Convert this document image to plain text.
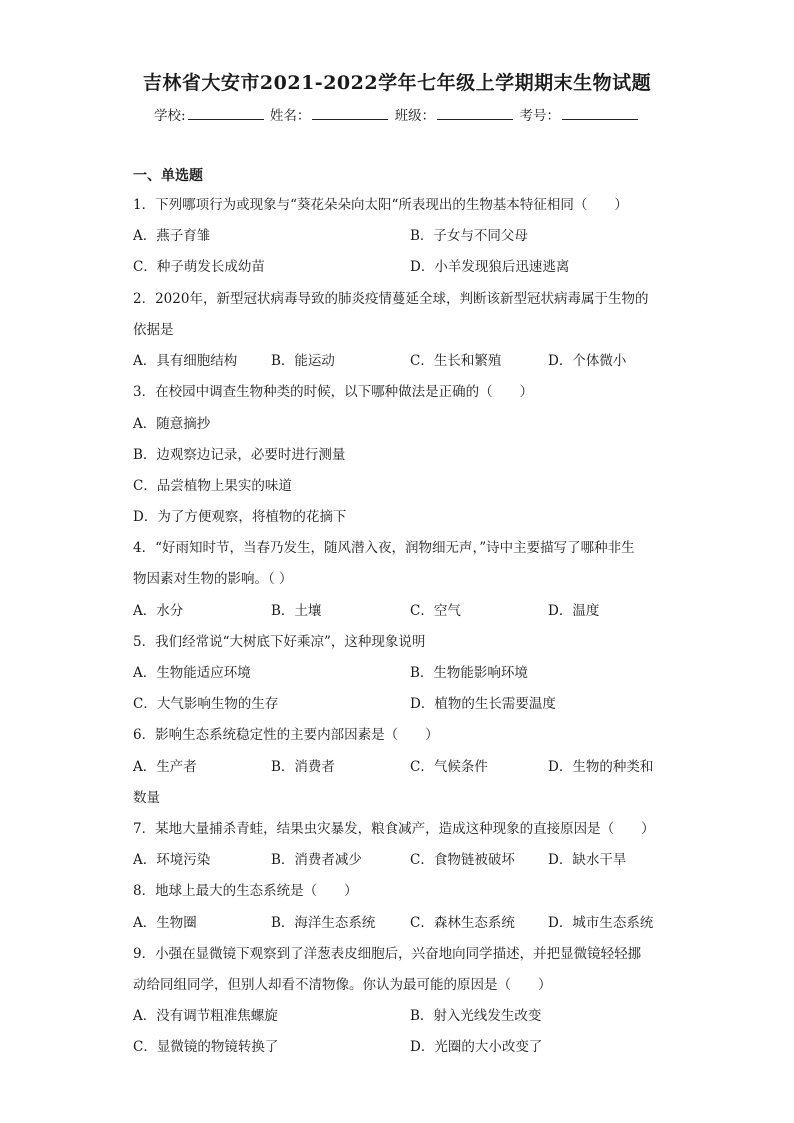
吉林省大安市2021-2022学年七年级上学期期末生物试题
学校:	姓名：	班级：	考号：
一、单选题
1．下列哪项行为或现象与“葵花朵朵向太阳“所表现出的生物基本特征相同（　　）
A．燕子育雏	B．子女与不同父母
C．种子萌发长成幼苗	D．小羊发现狼后迅速逃离
2．2020年，新型冠状病毒导致的肺炎疫情蔓延全球，判断该新型冠状病毒属于生物的
依据是
A．具有细胞结构	B．能运动	C．生长和繁殖	D．个体微小
3．在校园中调查生物种类的时候，以下哪种做法是正确的（　　）
A．随意摘抄
B．边观察边记录，必要时进行测量
C．品尝植物上果实的味道
D．为了方便观察，将植物的花摘下
4．“好雨知时节，当春乃发生，随风潜入夜，润物细无声，”诗中主要描写了哪种非生
物因素对生物的影响。（ ）
A．水分	B．土壤	C．空气	D．温度
5．我们经常说“大树底下好乘凉”，这种现象说明
A．生物能适应环境	B．生物能影响环境
C．大气影响生物的生存	D．植物的生长需要温度
6．影响生态系统稳定性的主要内部因素是（　　）
A．生产者	B．消费者	C．气候条件	D．生物的种类和
数量
7．某地大量捕杀青蛙，结果虫灾暴发，粮食减产，造成这种现象的直接原因是（　　）
A．环境污染	B．消费者减少	C．食物链被破坏 D．缺水干旱
8．地球上最大的生态系统是（　　）
A．生物圈	B．海洋生态系统	C．森林生态系统 D．城市生态系统
9．小强在显微镜下观察到了洋葱表皮细胞后，兴奋地向同学描述，并把显微镜轻轻挪
动给同组同学，但别人却看不清物像。你认为最可能的原因是（　　）
A．没有调节粗准焦螺旋	B．射入光线发生改变
C．显微镜的物镜转换了	D．光圈的大小改变了
